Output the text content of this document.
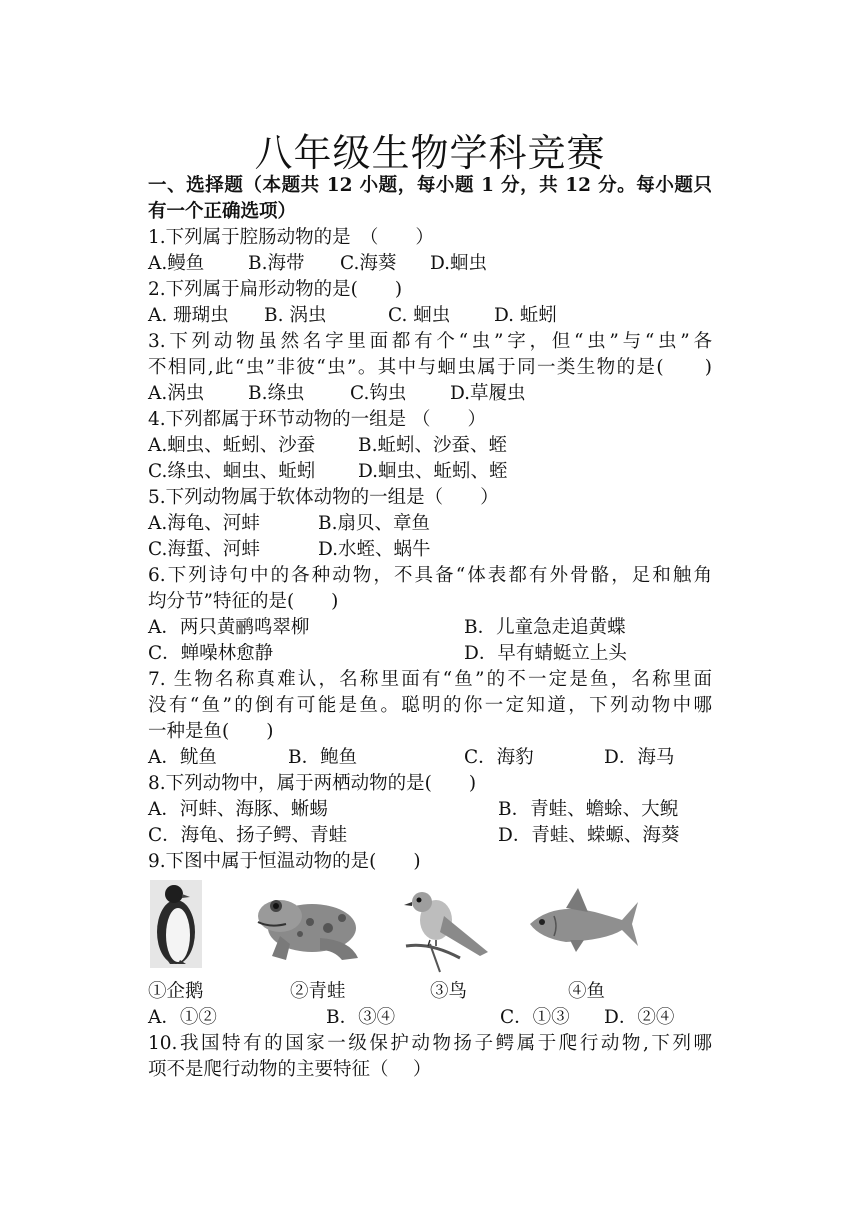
八年级生物学科竞赛
一、选择题（本题共 12 小题，每小题 1 分，共 12 分。每小题只
有一个正确选项）
1.下列属于腔肠动物的是　（　　）
A.鳗鱼 B.海带 C.海葵 D.蛔虫
2.下列属于扁形动物的是(　　)
A. 珊瑚虫 B. 涡虫	C. 蛔虫 D. 蚯蚓
3.下列动物虽然名字里面都有个“虫”字，但“虫”与“虫”各
不相同,此“虫”非彼“虫”。其中与蛔虫属于同一类生物的是(　　)
A.涡虫 B.绦虫 C.钩虫 D.草履虫
4.下列都属于环节动物的一组是 （　　）
A.蛔虫、蚯蚓、沙蚕 B.蚯蚓、沙蚕、蛭
C.绦虫、蛔虫、蚯蚓 D.蛔虫、蚯蚓、蛭
5.下列动物属于软体动物的一组是（　　）
A.海龟、河蚌	B.扇贝、章鱼
C.海蜇、河蚌	D.水蛭、蜗牛
6.下列诗句中的各种动物，不具备“体表都有外骨骼，足和触角
均分节”特征的是(　　)
A．两只黄鹂鸣翠柳	B．儿童急走追黄蝶
C．蝉噪林愈静	D．早有蜻蜓立上头
7. 生物名称真难认，名称里面有“鱼”的不一定是鱼，名称里面
没有“鱼”的倒有可能是鱼。聪明的你一定知道，下列动物中哪
一种是鱼(　　)
A．鱿鱼	B．鲍鱼	C．海豹	D．海马
8.下列动物中，属于两栖动物的是(　　)
A．河蚌、海豚、蜥蜴	B．青蛙、蟾蜍、大鲵
C．海龟、扬子鳄、青蛙	D．青蛙、蝾螈、海葵
9.下图中属于恒温动物的是(　　)
①企鹅	②青蛙	③鸟	④鱼
A．①②	B．③④	C．①③ D．②④
10.我国特有的国家一级保护动物扬子鳄属于爬行动物,下列哪
项不是爬行动物的主要特征（　 ）
